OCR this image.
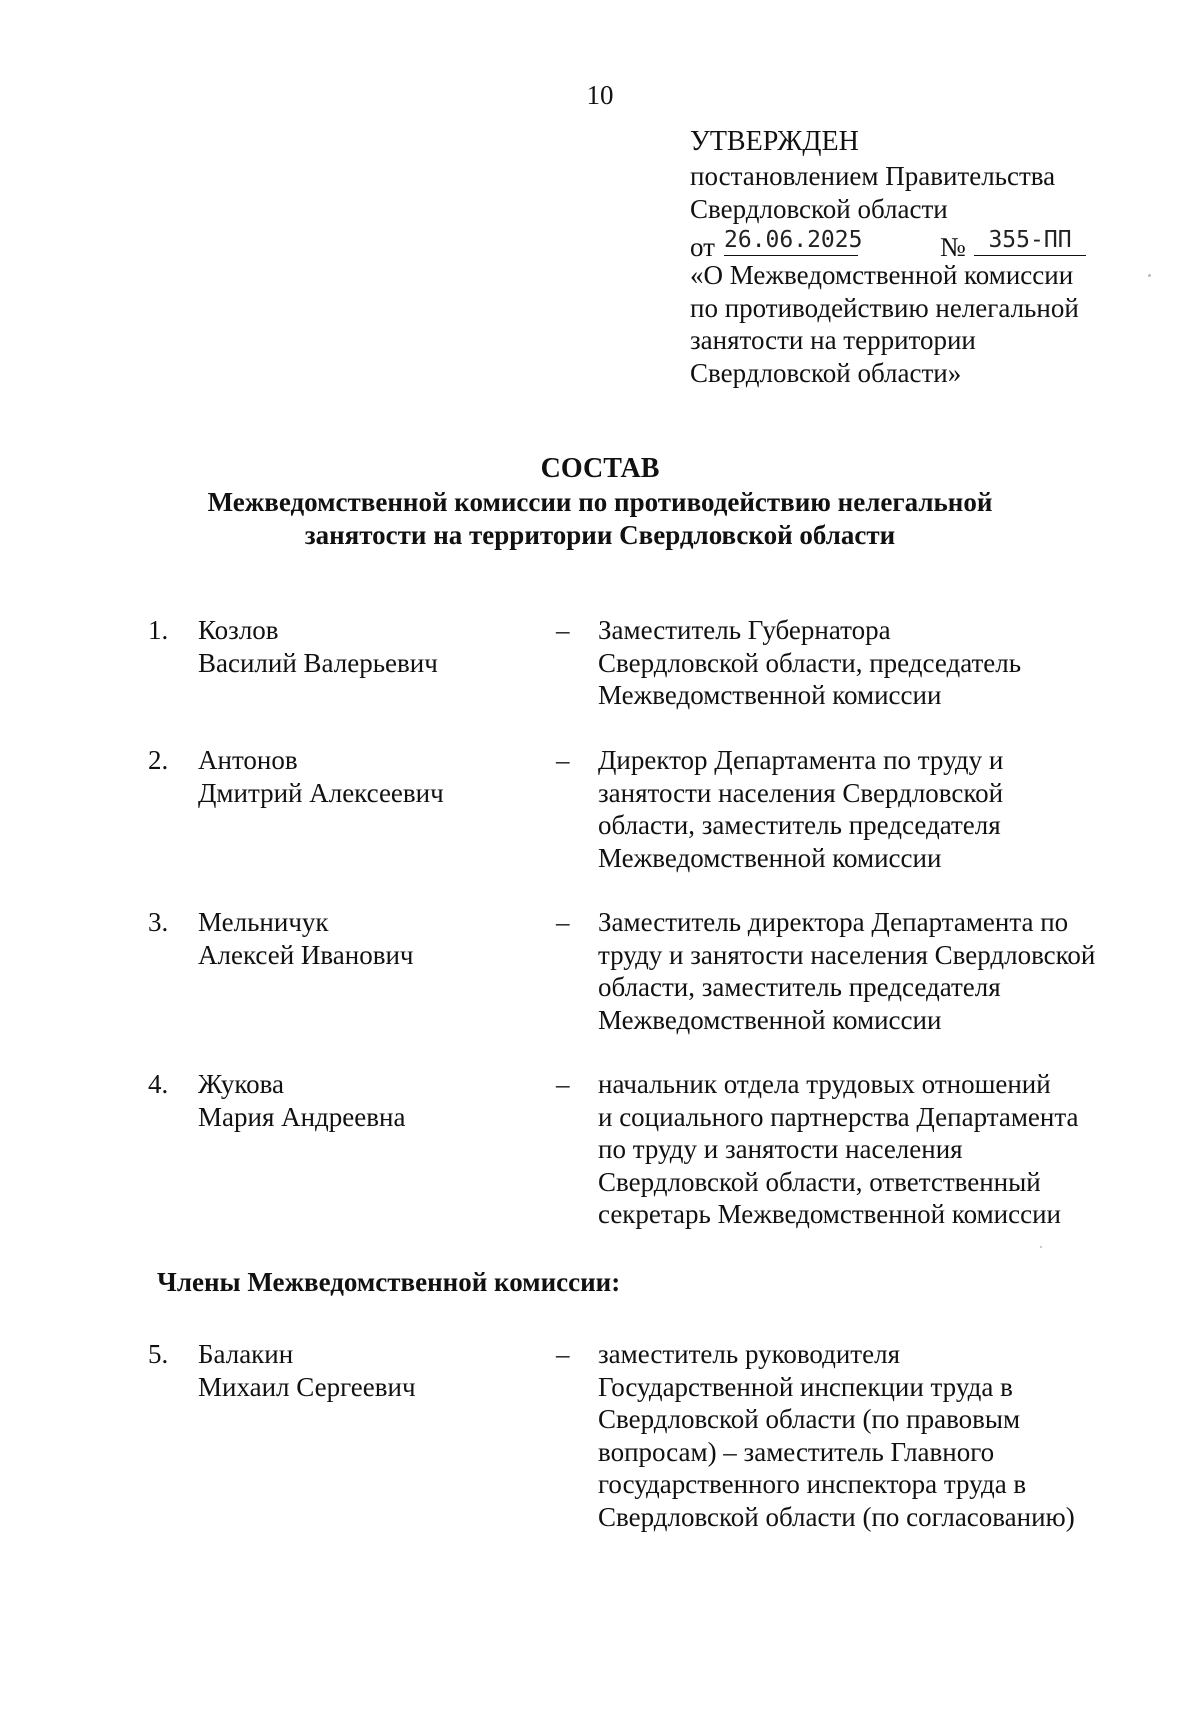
10
УТВЕРЖДЕН
постановлением Правительства
Свердловской области
от 26.06.2025	№ 355-ПП
«О Межведомственной комиссии
по противодействию нелегальной
занятости на территории
Свердловской области»
СОСТАВ
Межведомственной комиссии по противодействию нелегальной
занятости на территории Свердловской области
1. Козлов
Василий Валерьевич
– Заместитель Губернатора
Свердловской области, председатель
Межведомственной комиссии
2. Антонов
Дмитрий Алексеевич
– Директор Департамента по труду и
занятости населения Свердловской
области, заместитель председателя
Межведомственной комиссии
3. Мельничук
Алексей Иванович
– Заместитель директора Департамента по
труду и занятости населения Свердловской
области, заместитель председателя
Межведомственной комиссии
4. Жукова
Мария Андреевна
– начальник отдела трудовых отношений
и социального партнерства Департамента
по труду и занятости населения
Свердловской области, ответственный
секретарь Межведомственной комиссии
Члены Межведомственной комиссии:
5. Балакин
Михаил Сергеевич
– заместитель руководителя
Государственной инспекции труда в
Свердловской области (по правовым
вопросам) – заместитель Главного
государственного инспектора труда в
Свердловской области (по согласованию)
